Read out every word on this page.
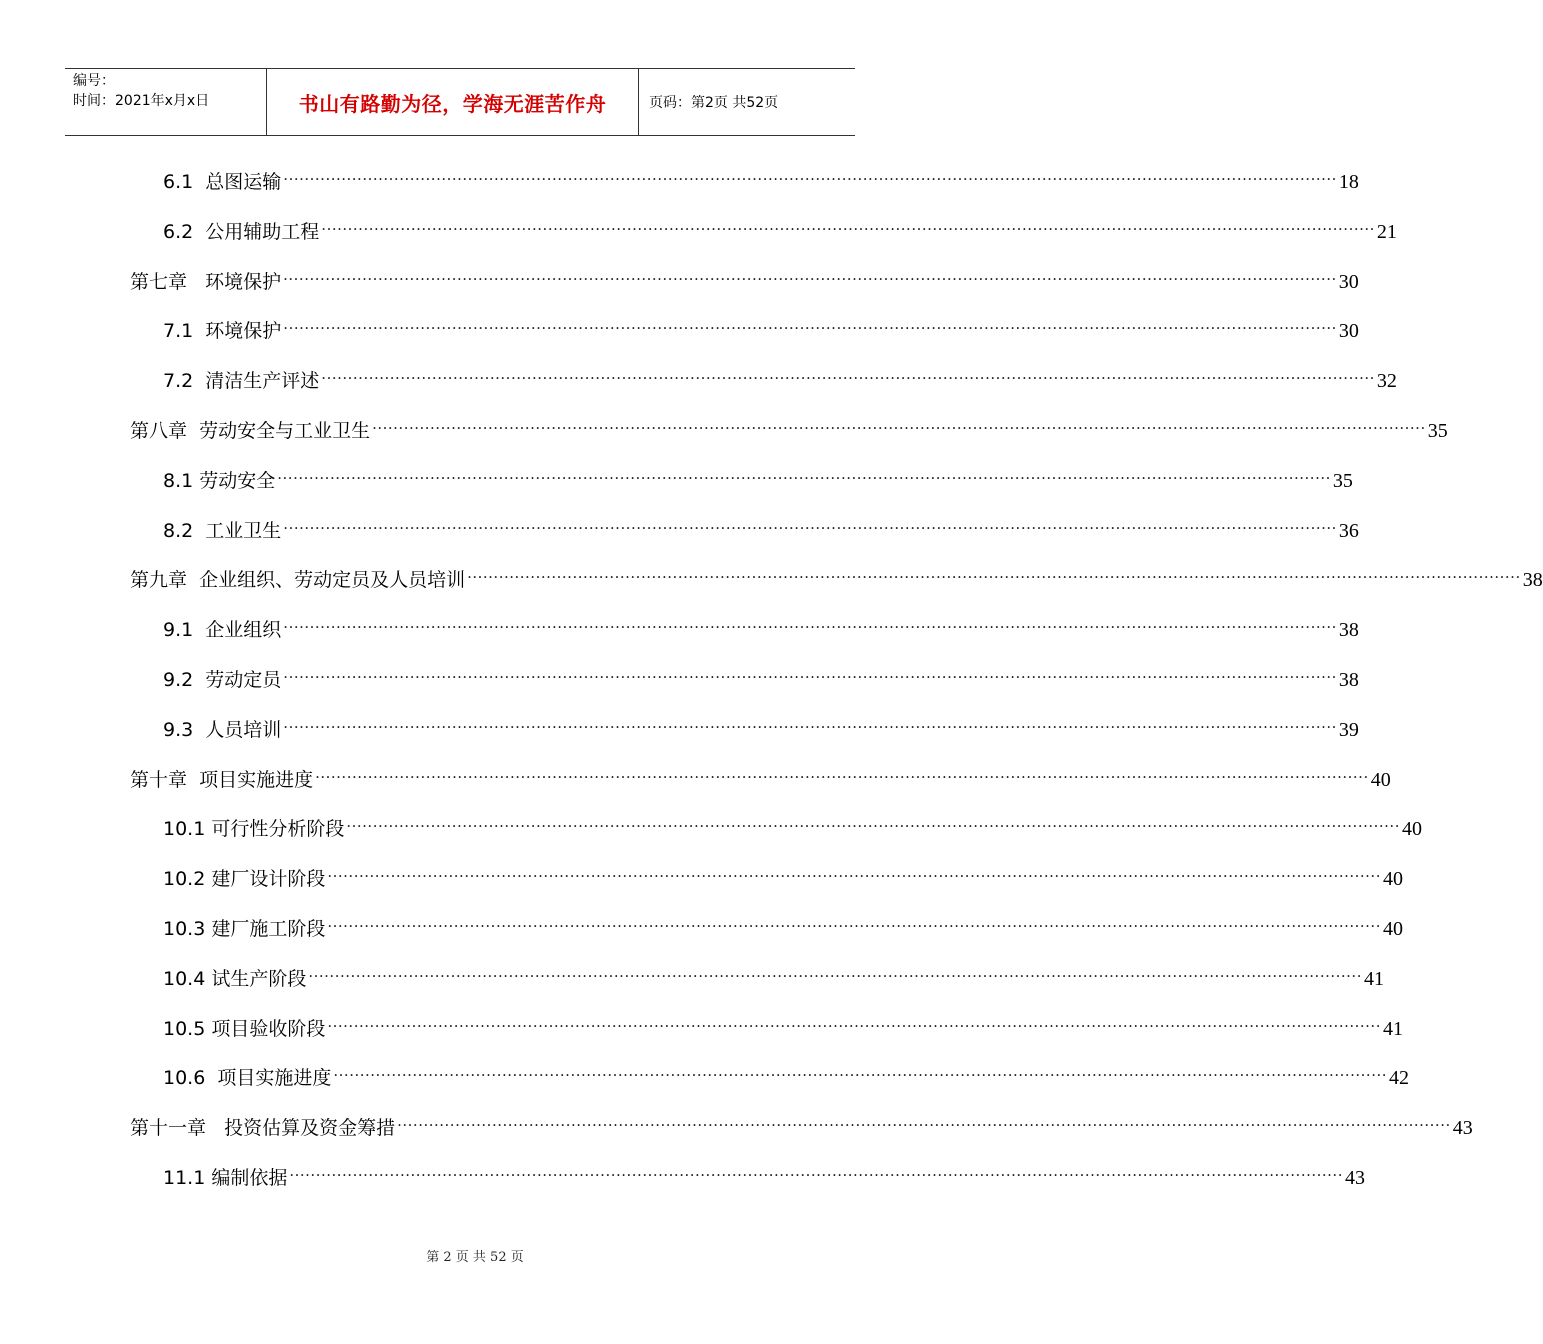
编号：
时间：2021年x月x日	书山有路勤为径，学海无涯苦作舟	页码：第2页 共52页
6.1  总图运输 ········································································································································································································ 18
6.2  公用辅助工程 ········································································································································································································ 21
第七章   环境保护 ········································································································································································································ 30
7.1  环境保护 ········································································································································································································ 30
7.2  清洁生产评述 ········································································································································································································ 32
第八章  劳动安全与工业卫生 ········································································································································································································ 35
8.1 劳动安全 ········································································································································································································ 35
8.2  工业卫生 ········································································································································································································ 36
第九章  企业组织、劳动定员及人员培训 ········································································································································································································ 38
9.1  企业组织 ········································································································································································································ 38
9.2  劳动定员 ········································································································································································································ 38
9.3  人员培训 ········································································································································································································ 39
第十章  项目实施进度 ········································································································································································································ 40
10.1 可行性分析阶段 ········································································································································································································ 40
10.2 建厂设计阶段 ········································································································································································································ 40
10.3 建厂施工阶段 ········································································································································································································ 40
10.4 试生产阶段 ········································································································································································································ 41
10.5 项目验收阶段 ········································································································································································································ 41
10.6  项目实施进度 ········································································································································································································ 42
第十一章   投资估算及资金筹措 ········································································································································································································ 43
11.1 编制依据 ········································································································································································································ 43
第 2 页 共 52 页
